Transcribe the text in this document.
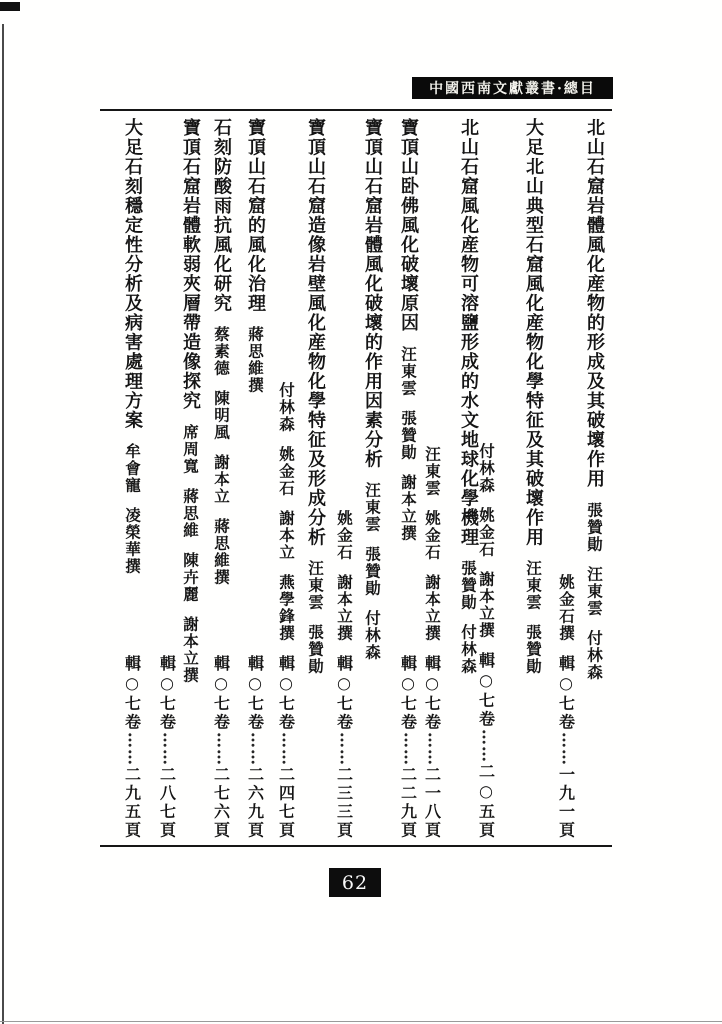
中國西南文獻叢書·總目
北山石窟岩體風化産物的形成及其破壞作用
張贊勛
汪東雲
付林森
姚金石撰
輯○七卷
……
一九一頁
大足北山典型石窟風化産物化學特征及其破壞作用
汪東雲
張贊勛
付林森
姚金石
謝本立撰
輯○七卷
……
二○五頁
北山石窟風化産物可溶鹽形成的水文地球化學機理
張贊勛
付林森
汪東雲
姚金石
謝本立撰
輯○七卷
……
二一八頁
寶頂山卧佛風化破壞原因
汪東雲
張贊勛
謝本立撰
輯○七卷
……
二二九頁
寶頂山石窟岩體風化破壞的作用因素分析
汪東雲
張贊勛
付林森
姚金石
謝本立撰
輯○七卷
……
二三三頁
寶頂山石窟造像岩壁風化産物化學特征及形成分析
汪東雲
張贊勛
付林森
姚金石
謝本立
燕學鋒撰
輯○七卷
……
二四七頁
寶頂山石窟的風化治理
蔣思維撰
輯○七卷
……
二六九頁
石刻防酸雨抗風化研究
蔡素德
陳明風
謝本立
蔣思維撰
輯○七卷
……
二七六頁
寶頂石窟岩體軟弱夾層帶造像探究
席周寬
蔣思維
陳卉麗
謝本立撰
輯○七卷
……
二八七頁
大足石刻穩定性分析及病害處理方案
牟會寵
凌榮華撰
輯○七卷
……
二九五頁
62
